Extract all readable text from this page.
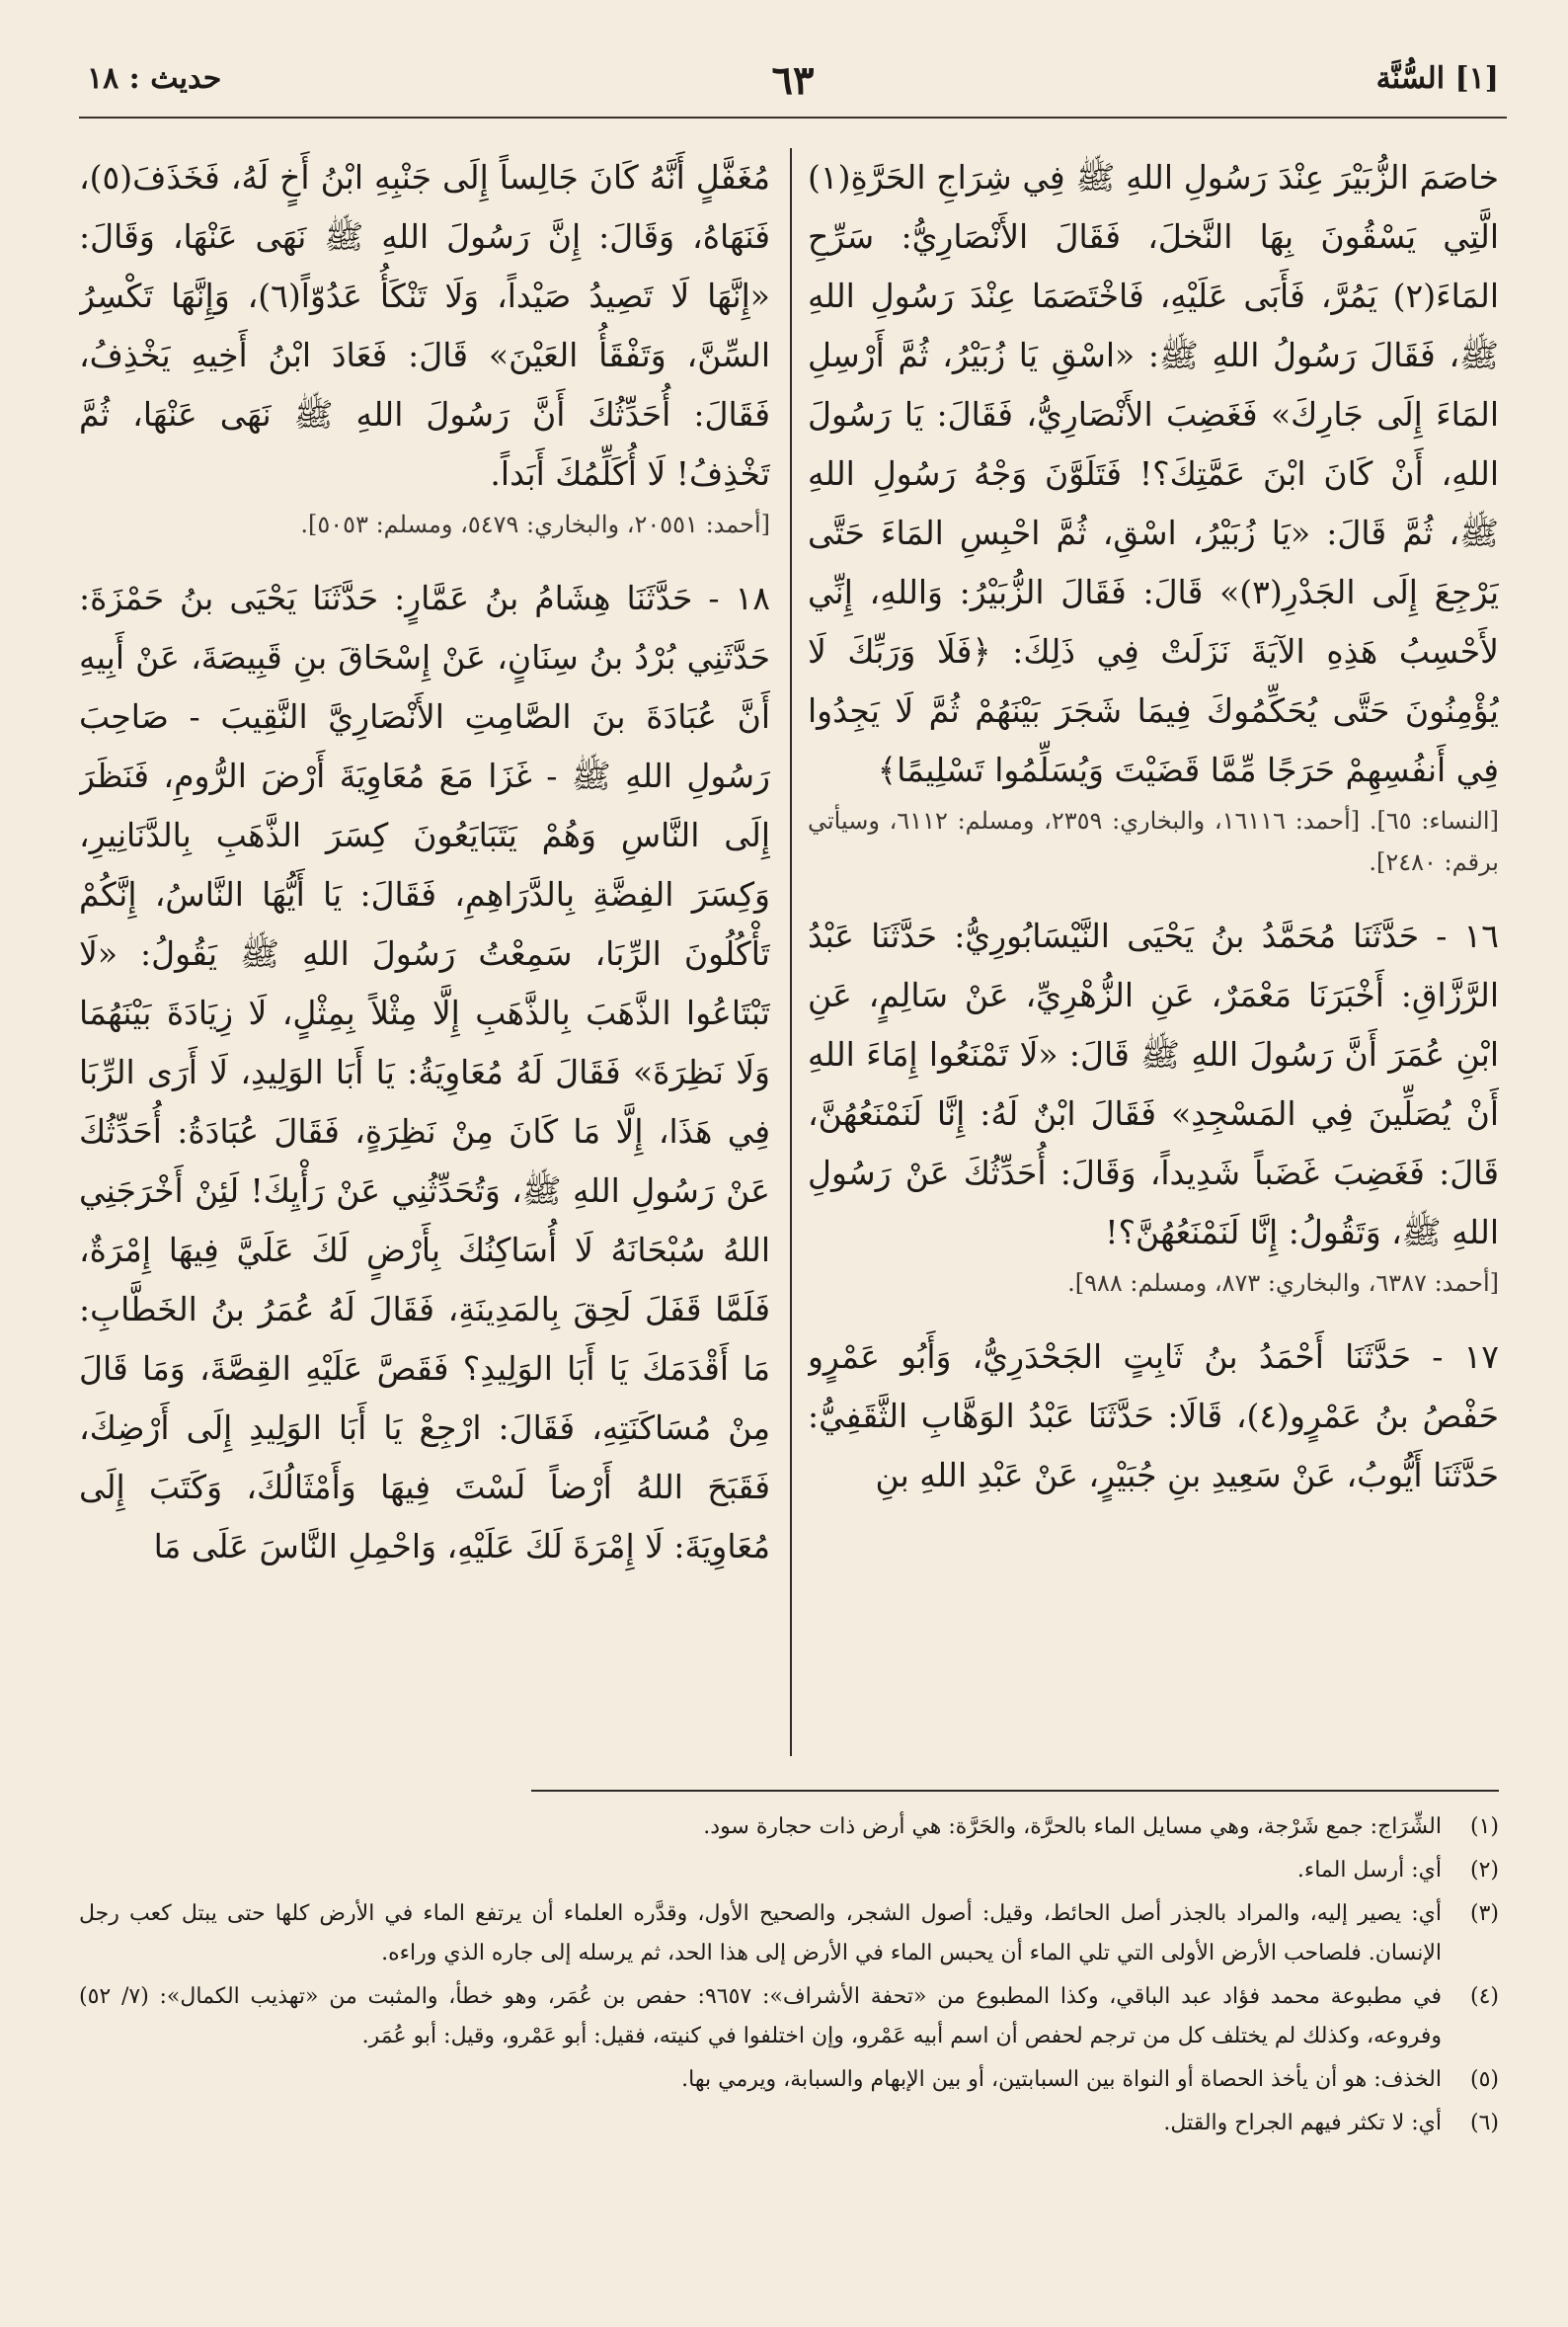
[١] السُّنَّة
٦٣
حديث : ١٨

خاصَمَ الزُّبَيْرَ عِنْدَ رَسُولِ اللهِ ﷺ فِي شِرَاجِ الحَرَّةِ(١) الَّتِي يَسْقُونَ بِهَا النَّخلَ، فَقَالَ الأَنْصَارِيُّ: سَرِّحِ المَاءَ(٢) يَمُرَّ، فَأَبَى عَلَيْهِ، فَاخْتَصَمَا عِنْدَ رَسُولِ اللهِ ﷺ، فَقَالَ رَسُولُ اللهِ ﷺ: «اسْقِ يَا زُبَيْرُ، ثُمَّ أَرْسِلِ المَاءَ إِلَى جَارِكَ» فَغَضِبَ الأَنْصَارِيُّ، فَقَالَ: يَا رَسُولَ اللهِ، أَنْ كَانَ ابْنَ عَمَّتِكَ؟! فَتَلَوَّنَ وَجْهُ رَسُولِ اللهِ ﷺ، ثُمَّ قَالَ: «يَا زُبَيْرُ، اسْقِ، ثُمَّ احْبِسِ المَاءَ حَتَّى يَرْجِعَ إِلَى الجَدْرِ(٣)» قَالَ: فَقَالَ الزُّبَيْرُ: وَاللهِ، إِنِّي لأَحْسِبُ هَذِهِ الآيَةَ نَزَلَتْ فِي ذَلِكَ: ﴿فَلَا وَرَبِّكَ لَا يُؤْمِنُونَ حَتَّى يُحَكِّمُوكَ فِيمَا شَجَرَ بَيْنَهُمْ ثُمَّ لَا يَجِدُوا فِي أَنفُسِهِمْ حَرَجًا مِّمَّا قَضَيْتَ وَيُسَلِّمُوا تَسْلِيمًا﴾
[النساء: ٦٥]. [أحمد: ١٦١١٦، والبخاري: ٢٣٥٩، ومسلم: ٦١١٢، وسيأتي برقم: ٢٤٨٠].

١٦ - حَدَّثَنَا مُحَمَّدُ بنُ يَحْيَى النَّيْسَابُورِيُّ: حَدَّثَنَا عَبْدُ الرَّزَّاقِ: أَخْبَرَنَا مَعْمَرٌ، عَنِ الزُّهْرِيِّ، عَنْ سَالِمٍ، عَنِ ابْنِ عُمَرَ أَنَّ رَسُولَ اللهِ ﷺ قَالَ: «لَا تَمْنَعُوا إِمَاءَ اللهِ أَنْ يُصَلِّينَ فِي المَسْجِدِ» فَقَالَ ابْنٌ لَهُ: إِنَّا لَنَمْنَعُهُنَّ، قَالَ: فَغَضِبَ غَضَباً شَدِيداً، وَقَالَ: أُحَدِّثُكَ عَنْ رَسُولِ اللهِ ﷺ، وَتَقُولُ: إِنَّا لَنَمْنَعُهُنَّ؟!
[أحمد: ٦٣٨٧، والبخاري: ٨٧٣، ومسلم: ٩٨٨].

١٧ - حَدَّثَنَا أَحْمَدُ بنُ ثَابِتٍ الجَحْدَرِيُّ، وَأَبُو عَمْرٍو حَفْصُ بنُ عَمْرٍو(٤)، قَالَا: حَدَّثَنَا عَبْدُ الوَهَّابِ الثَّقَفِيُّ: حَدَّثَنَا أَيُّوبُ، عَنْ سَعِيدِ بنِ جُبَيْرٍ، عَنْ عَبْدِ اللهِ بنِ

مُغَفَّلٍ أَنَّهُ كَانَ جَالِساً إِلَى جَنْبِهِ ابْنُ أَخٍ لَهُ، فَخَذَفَ(٥)، فَنَهَاهُ، وَقَالَ: إِنَّ رَسُولَ اللهِ ﷺ نَهَى عَنْهَا، وَقَالَ: «إِنَّهَا لَا تَصِيدُ صَيْداً، وَلَا تَنْكَأُ عَدُوّاً(٦)، وَإِنَّهَا تَكْسِرُ السِّنَّ، وَتَفْقَأُ العَيْنَ» قَالَ: فَعَادَ ابْنُ أَخِيهِ يَخْذِفُ، فَقَالَ: أُحَدِّثُكَ أَنَّ رَسُولَ اللهِ ﷺ نَهَى عَنْهَا، ثُمَّ تَخْذِفُ! لَا أُكَلِّمُكَ أَبَداً.
[أحمد: ٢٠٥٥١، والبخاري: ٥٤٧٩، ومسلم: ٥٠٥٣].

١٨ - حَدَّثَنَا هِشَامُ بنُ عَمَّارٍ: حَدَّثَنَا يَحْيَى بنُ حَمْزَةَ: حَدَّثَنِي بُرْدُ بنُ سِنَانٍ، عَنْ إِسْحَاقَ بنِ قَبِيصَةَ، عَنْ أَبِيهِ أَنَّ عُبَادَةَ بنَ الصَّامِتِ الأَنْصَارِيَّ النَّقِيبَ - صَاحِبَ رَسُولِ اللهِ ﷺ - غَزَا مَعَ مُعَاوِيَةَ أَرْضَ الرُّومِ، فَنَظَرَ إِلَى النَّاسِ وَهُمْ يَتَبَايَعُونَ كِسَرَ الذَّهَبِ بِالدَّنَانِيرِ، وَكِسَرَ الفِضَّةِ بِالدَّرَاهِمِ، فَقَالَ: يَا أَيُّهَا النَّاسُ، إِنَّكُمْ تَأْكُلُونَ الرِّبَا، سَمِعْتُ رَسُولَ اللهِ ﷺ يَقُولُ: «لَا تَبْتَاعُوا الذَّهَبَ بِالذَّهَبِ إِلَّا مِثْلاً بِمِثْلٍ، لَا زِيَادَةَ بَيْنَهُمَا وَلَا نَظِرَةَ» فَقَالَ لَهُ مُعَاوِيَةُ: يَا أَبَا الوَلِيدِ، لَا أَرَى الرِّبَا فِي هَذَا، إِلَّا مَا كَانَ مِنْ نَظِرَةٍ، فَقَالَ عُبَادَةُ: أُحَدِّثُكَ عَنْ رَسُولِ اللهِ ﷺ، وَتُحَدِّثُنِي عَنْ رَأْيِكَ! لَئِنْ أَخْرَجَنِي اللهُ سُبْحَانَهُ لَا أُسَاكِنُكَ بِأَرْضٍ لَكَ عَلَيَّ فِيهَا إِمْرَةٌ، فَلَمَّا قَفَلَ لَحِقَ بِالمَدِينَةِ، فَقَالَ لَهُ عُمَرُ بنُ الخَطَّابِ: مَا أَقْدَمَكَ يَا أَبَا الوَلِيدِ؟ فَقَصَّ عَلَيْهِ القِصَّةَ، وَمَا قَالَ مِنْ مُسَاكَنَتِهِ، فَقَالَ: ارْجِعْ يَا أَبَا الوَلِيدِ إِلَى أَرْضِكَ، فَقَبَحَ اللهُ أَرْضاً لَسْتَ فِيهَا وَأَمْثَالُكَ، وَكَتَبَ إِلَى مُعَاوِيَةَ: لَا إِمْرَةَ لَكَ عَلَيْهِ، وَاحْمِلِ النَّاسَ عَلَى مَا

(١)
الشِّرَاج: جمع شَرْجة، وهي مسايل الماء بالحرَّة، والحَرَّة: هي أرض ذات حجارة سود.
(٢)
أي: أرسل الماء.
(٣)
أي: يصير إليه، والمراد بالجذر أصل الحائط، وقيل: أصول الشجر، والصحيح الأول، وقدَّره العلماء أن يرتفع الماء في الأرض كلها حتى يبتل كعب رجل الإنسان. فلصاحب الأرض الأولى التي تلي الماء أن يحبس الماء في الأرض إلى هذا الحد، ثم يرسله إلى جاره الذي وراءه.
(٤)
في مطبوعة محمد فؤاد عبد الباقي، وكذا المطبوع من «تحفة الأشراف»: ٩٦٥٧: حفص بن عُمَر، وهو خطأ، والمثبت من «تهذيب الكمال»: (٧/ ٥٢) وفروعه، وكذلك لم يختلف كل من ترجم لحفص أن اسم أبيه عَمْرو، وإن اختلفوا في كنيته، فقيل: أبو عَمْرو، وقيل: أبو عُمَر.
(٥)
الخذف: هو أن يأخذ الحصاة أو النواة بين السبابتين، أو بين الإبهام والسبابة، ويرمي بها.
(٦)
أي: لا تكثر فيهم الجراح والقتل.
